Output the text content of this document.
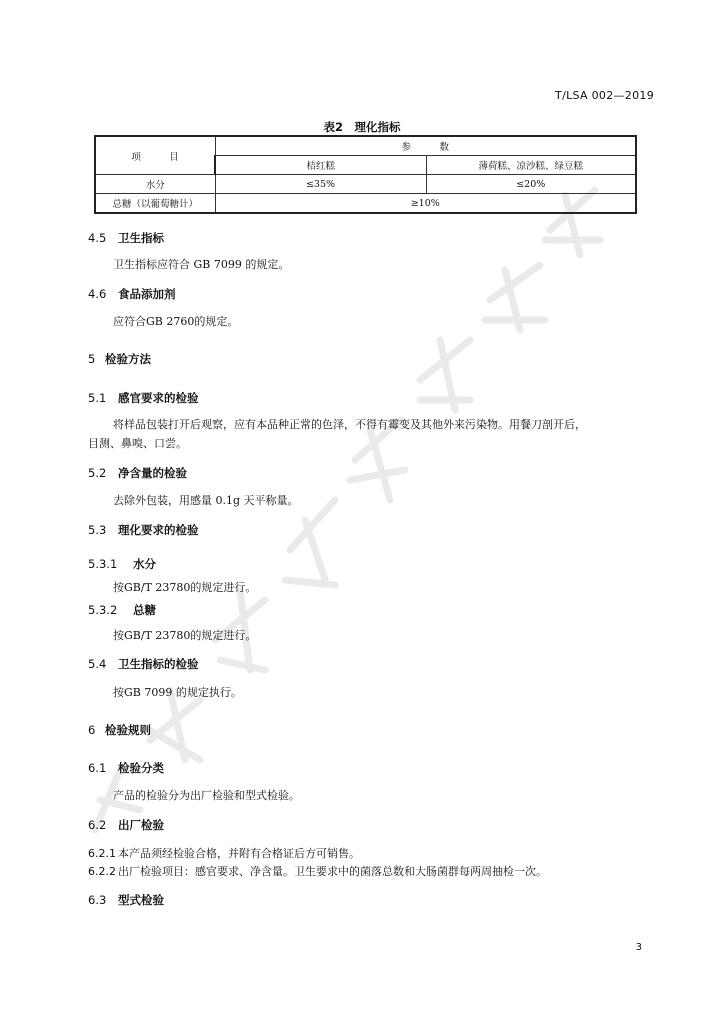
T/LSA 002—2019
表2　理化指标
项　　　目	参　　　数	
	桔红糕	薄荷糕、凉沙糕、绿豆糕
水分	≤35%	≤20%
总糖（以葡萄糖计）	≥10%	
4.5 卫生指标
卫生指标应符合 GB 7099 的规定。
4.6 食品添加剂
应符合GB 2760的规定。
5 检验方法
5.1 感官要求的检验
将样品包装打开后观察，应有本品种正常的色泽，不得有霉变及其他外来污染物。用餐刀剖开后，
目测、鼻嗅、口尝。
5.2 净含量的检验
去除外包装，用感量 0.1g 天平称量。
5.3 理化要求的检验
5.3.1 水分
按GB/T 23780的规定进行。
5.3.2 总糖
按GB/T 23780的规定进行。
5.4 卫生指标的检验
按GB 7099 的规定执行。
6 检验规则
6.1 检验分类
产品的检验分为出厂检验和型式检验。
6.2 出厂检验
6.2.1 本产品须经检验合格，并附有合格证后方可销售。
6.2.2 出厂检验项目：感官要求、净含量。卫生要求中的菌落总数和大肠菌群每两周抽检一次。
6.3 型式检验
3
